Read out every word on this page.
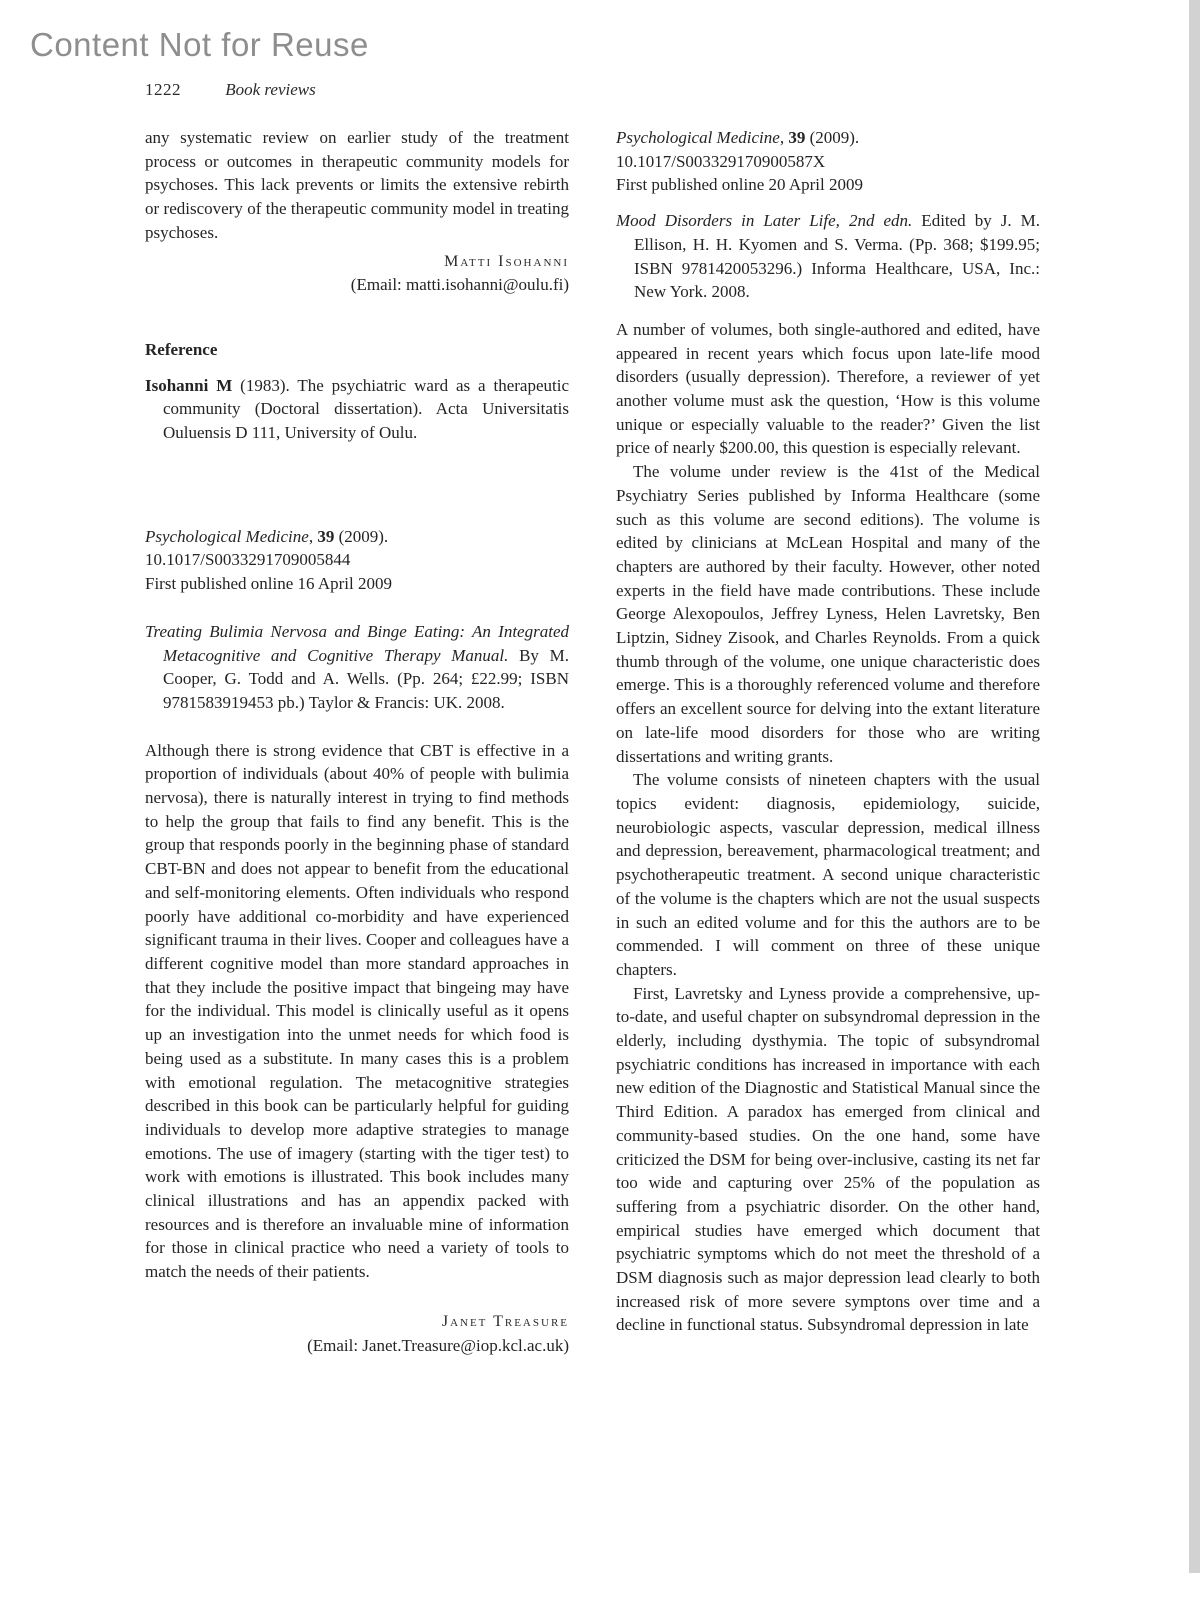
Content Not for Reuse
1222	Book reviews

any systematic review on earlier study of the treatment process or outcomes in therapeutic community models for psychoses. This lack prevents or limits the extensive rebirth or rediscovery of the therapeutic community model in treating psychoses.

Matti Isohanni

(Email: matti.isohanni@oulu.fi)

Reference

Isohanni M (1983). The psychiatric ward as a therapeutic community (Doctoral dissertation). Acta Universitatis Ouluensis D 111, University of Oulu.

Psychological Medicine, 39 (2009).

10.1017/S0033291709005844

First published online 16 April 2009

Treating Bulimia Nervosa and Binge Eating: An Integrated Metacognitive and Cognitive Therapy Manual. By M. Cooper, G. Todd and A. Wells. (Pp. 264; £22.99; ISBN 9781583919453 pb.) Taylor & Francis: UK. 2008.

Although there is strong evidence that CBT is effective in a proportion of individuals (about 40% of people with bulimia nervosa), there is naturally interest in trying to find methods to help the group that fails to find any benefit. This is the group that responds poorly in the beginning phase of standard CBT-BN and does not appear to benefit from the educational and self-monitoring elements. Often individuals who respond poorly have additional co-morbidity and have experienced significant trauma in their lives. Cooper and colleagues have a different cognitive model than more standard approaches in that they include the positive impact that bingeing may have for the individual. This model is clinically useful as it opens up an investigation into the unmet needs for which food is being used as a substitute. In many cases this is a problem with emotional regulation. The metacognitive strategies described in this book can be particularly helpful for guiding individuals to develop more adaptive strategies to manage emotions. The use of imagery (starting with the tiger test) to work with emotions is illustrated. This book includes many clinical illustrations and has an appendix packed with resources and is therefore an invaluable mine of information for those in clinical practice who need a variety of tools to match the needs of their patients.

Janet Treasure

(Email: Janet.Treasure@iop.kcl.ac.uk)

Psychological Medicine, 39 (2009).

10.1017/S003329170900587X

First published online 20 April 2009

Mood Disorders in Later Life, 2nd edn. Edited by J. M. Ellison, H. H. Kyomen and S. Verma. (Pp. 368; $199.95; ISBN 9781420053296.) Informa Healthcare, USA, Inc.: New York. 2008.

A number of volumes, both single-authored and edited, have appeared in recent years which focus upon late-life mood disorders (usually depression). Therefore, a reviewer of yet another volume must ask the question, ‘How is this volume unique or especially valuable to the reader?’ Given the list price of nearly $200.00, this question is especially relevant.

The volume under review is the 41st of the Medical Psychiatry Series published by Informa Healthcare (some such as this volume are second editions). The volume is edited by clinicians at McLean Hospital and many of the chapters are authored by their faculty. However, other noted experts in the field have made contributions. These include George Alexopoulos, Jeffrey Lyness, Helen Lavretsky, Ben Liptzin, Sidney Zisook, and Charles Reynolds. From a quick thumb through of the volume, one unique characteristic does emerge. This is a thoroughly referenced volume and therefore offers an excellent source for delving into the extant literature on late-life mood disorders for those who are writing dissertations and writing grants.

The volume consists of nineteen chapters with the usual topics evident: diagnosis, epidemiology, suicide, neurobiologic aspects, vascular depression, medical illness and depression, bereavement, pharmacological treatment; and psychotherapeutic treatment. A second unique characteristic of the volume is the chapters which are not the usual suspects in such an edited volume and for this the authors are to be commended. I will comment on three of these unique chapters.

First, Lavretsky and Lyness provide a comprehensive, up-to-date, and useful chapter on subsyndromal depression in the elderly, including dysthymia. The topic of subsyndromal psychiatric conditions has increased in importance with each new edition of the Diagnostic and Statistical Manual since the Third Edition. A paradox has emerged from clinical and community-based studies. On the one hand, some have criticized the DSM for being over-inclusive, casting its net far too wide and capturing over 25% of the population as suffering from a psychiatric disorder. On the other hand, empirical studies have emerged which document that psychiatric symptoms which do not meet the threshold of a DSM diagnosis such as major depression lead clearly to both increased risk of more severe symptons over time and a decline in functional status. Subsyndromal depression in late
